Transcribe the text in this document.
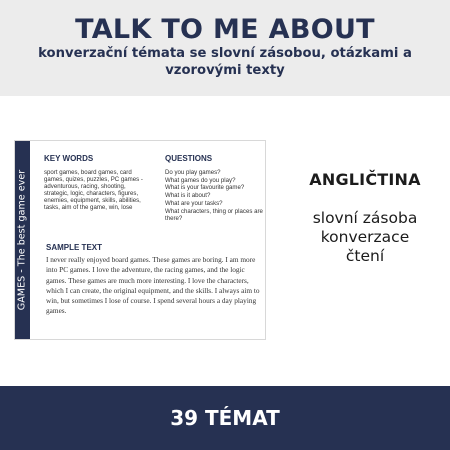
TALK TO ME ABOUT
konverzační témata se slovní zásobou, otázkami a vzorovými texty
GAMES - The best game ever
KEY WORDS
sport games, board games, card games, quizes, puzzles, PC games - adventurous, racing, shooting, strategic, logic, characters, figures, enemies, equipment, skills, abilities, tasks, aim of the game, win, lose
QUESTIONS
Do you play games?
What games do you play?
What is your favourite game?
What is it about?
What are your tasks?
What characters, thing or places are there?
SAMPLE TEXT
I never really enjoyed board games. These games are boring. I am more into PC games. I love the adventure, the racing games, and the logic games. These games are much more interesting. I love the characters, which I can create, the original equipment, and the skills. I always aim to win, but sometimes I lose of course. I spend several hours a day playing games.
ANGLIČTINA
slovní zásoba
konverzace
čtení
39 TÉMAT
